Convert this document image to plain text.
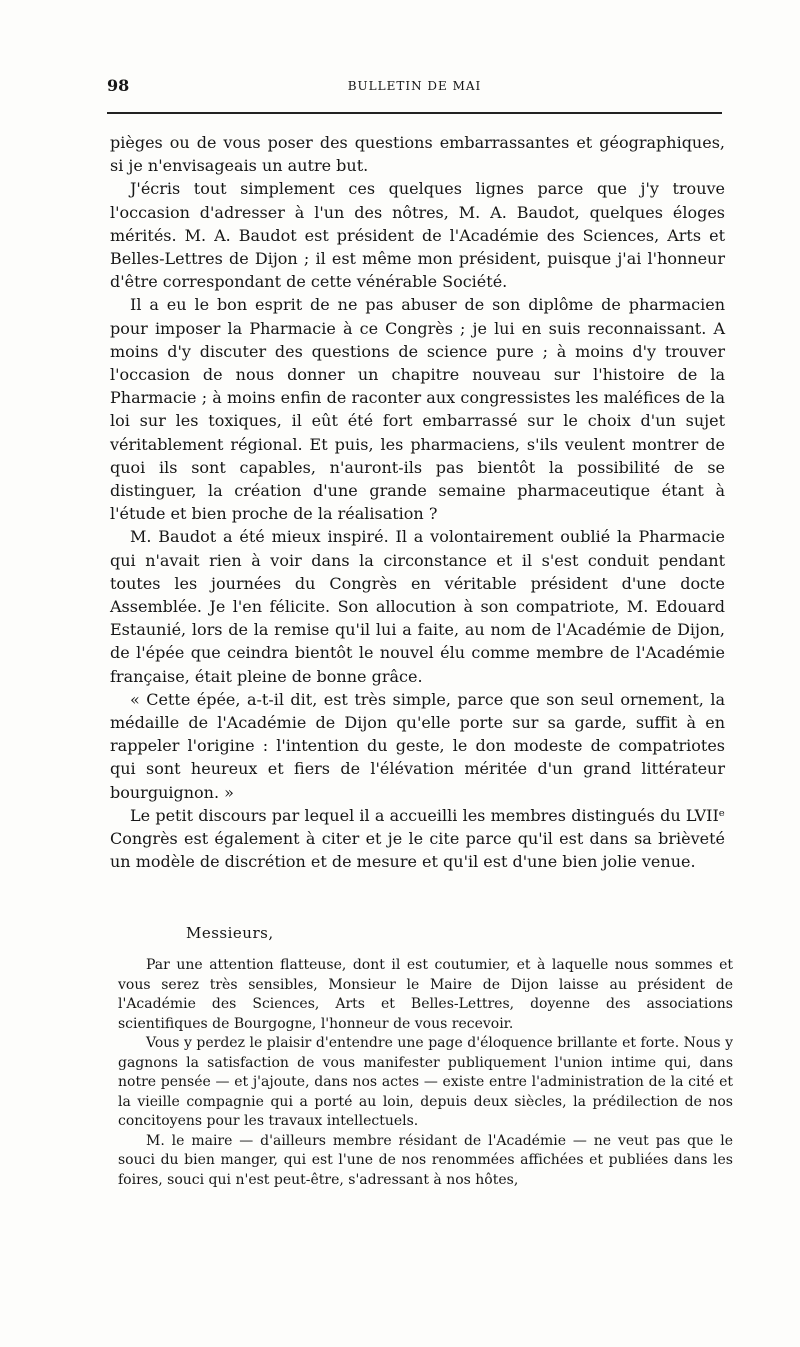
98	BULLETIN DE MAI

pièges ou de vous poser des questions embarrassantes et géographiques, si je n'envisageais un autre but.

J'écris tout simplement ces quelques lignes parce que j'y trouve l'occasion d'adresser à l'un des nôtres, M. A. Baudot, quelques éloges mérités. M. A. Baudot est président de l'Académie des Sciences, Arts et Belles-Lettres de Dijon ; il est même mon président, puisque j'ai l'honneur d'être correspondant de cette vénérable Société.

Il a eu le bon esprit de ne pas abuser de son diplôme de pharmacien pour imposer la Pharmacie à ce Congrès ; je lui en suis reconnaissant. A moins d'y discuter des questions de science pure ; à moins d'y trouver l'occasion de nous donner un chapitre nouveau sur l'histoire de la Pharmacie ; à moins enfin de raconter aux congressistes les maléfices de la loi sur les toxiques, il eût été fort embarrassé sur le choix d'un sujet véritablement régional. Et puis, les pharmaciens, s'ils veulent montrer de quoi ils sont capables, n'auront-ils pas bientôt la possibilité de se distinguer, la création d'une grande semaine pharmaceutique étant à l'étude et bien proche de la réalisation ?

M. Baudot a été mieux inspiré. Il a volontairement oublié la Pharmacie qui n'avait rien à voir dans la circonstance et il s'est conduit pendant toutes les journées du Congrès en véritable président d'une docte Assemblée. Je l'en félicite. Son allocution à son compatriote, M. Edouard Estaunié, lors de la remise qu'il lui a faite, au nom de l'Académie de Dijon, de l'épée que ceindra bientôt le nouvel élu comme membre de l'Académie française, était pleine de bonne grâce.

« Cette épée, a-t-il dit, est très simple, parce que son seul ornement, la médaille de l'Académie de Dijon qu'elle porte sur sa garde, suffit à en rappeler l'origine : l'intention du geste, le don modeste de compatriotes qui sont heureux et fiers de l'élévation méritée d'un grand littérateur bourguignon. »

Le petit discours par lequel il a accueilli les membres distingués du LVIIᵉ Congrès est également à citer et je le cite parce qu'il est dans sa brièveté un modèle de discrétion et de mesure et qu'il est d'une bien jolie venue.

Messieurs,

Par une attention flatteuse, dont il est coutumier, et à laquelle nous sommes et vous serez très sensibles, Monsieur le Maire de Dijon laisse au président de l'Académie des Sciences, Arts et Belles-Lettres, doyenne des associations scientifiques de Bourgogne, l'honneur de vous recevoir.

Vous y perdez le plaisir d'entendre une page d'éloquence brillante et forte. Nous y gagnons la satisfaction de vous manifester publiquement l'union intime qui, dans notre pensée — et j'ajoute, dans nos actes — existe entre l'administration de la cité et la vieille compagnie qui a porté au loin, depuis deux siècles, la prédilection de nos concitoyens pour les travaux intellectuels.

M. le maire — d'ailleurs membre résidant de l'Académie — ne veut pas que le souci du bien manger, qui est l'une de nos renommées affichées et publiées dans les foires, souci qui n'est peut-être, s'adressant à nos hôtes,
